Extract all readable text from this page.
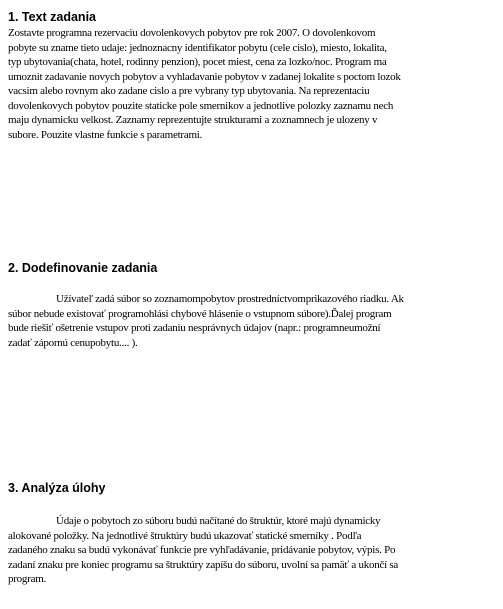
1. Text zadania

Zostavte programna rezervaciu dovolenkovych pobytov pre rok 2007. O dovolenkovom
pobyte su zname tieto udaje: jednoznacny identifikator pobytu (cele cislo), miesto, lokalita,
typ ubytovania(chata, hotel, rodinny penzion), pocet miest, cena za lozko/noc. Program ma
umoznit zadavanie novych pobytov a vyhladavanie pobytov v zadanej lokalite s poctom lozok
vacsim alebo rovnym ako zadane cislo a pre vybrany typ ubytovania. Na reprezentaciu
dovolenkovych pobytov pouzite staticke pole smernikov a jednotlive polozky zaznamu nech
maju dynamicku velkost. Zaznamy reprezentujte strukturami a zoznamnech je ulozeny v
subore. Pouzite vlastne funkcie s parametrami.

2. Dodefinovanie zadania

Užívateľ zadá súbor so zoznamompobytov prostredníctvomprikazového riadku. Ak
súbor nebude existovať programohlási chybové hlásenie o vstupnom súbore).Ďalej program
bude riešiť ošetrenie vstupov proti zadaniu nesprávnych údajov (napr.: programneumožní
zadať zápornú cenupobytu.... ).

3. Analýza úlohy

Údaje o pobytoch zo súboru budú načítané do štruktúr, ktoré majú dynamicky
alokované položky. Na jednotlivé štruktúry budú ukazovať statické smerníky . Podľa
zadaného znaku sa budú vykonávať funkcie pre vyhľadávanie, pridávanie pobytov, výpis. Po
zadaní znaku pre koniec programu sa štruktúry zapíšu do súboru, uvolní sa pamäť a ukončí sa
program.
